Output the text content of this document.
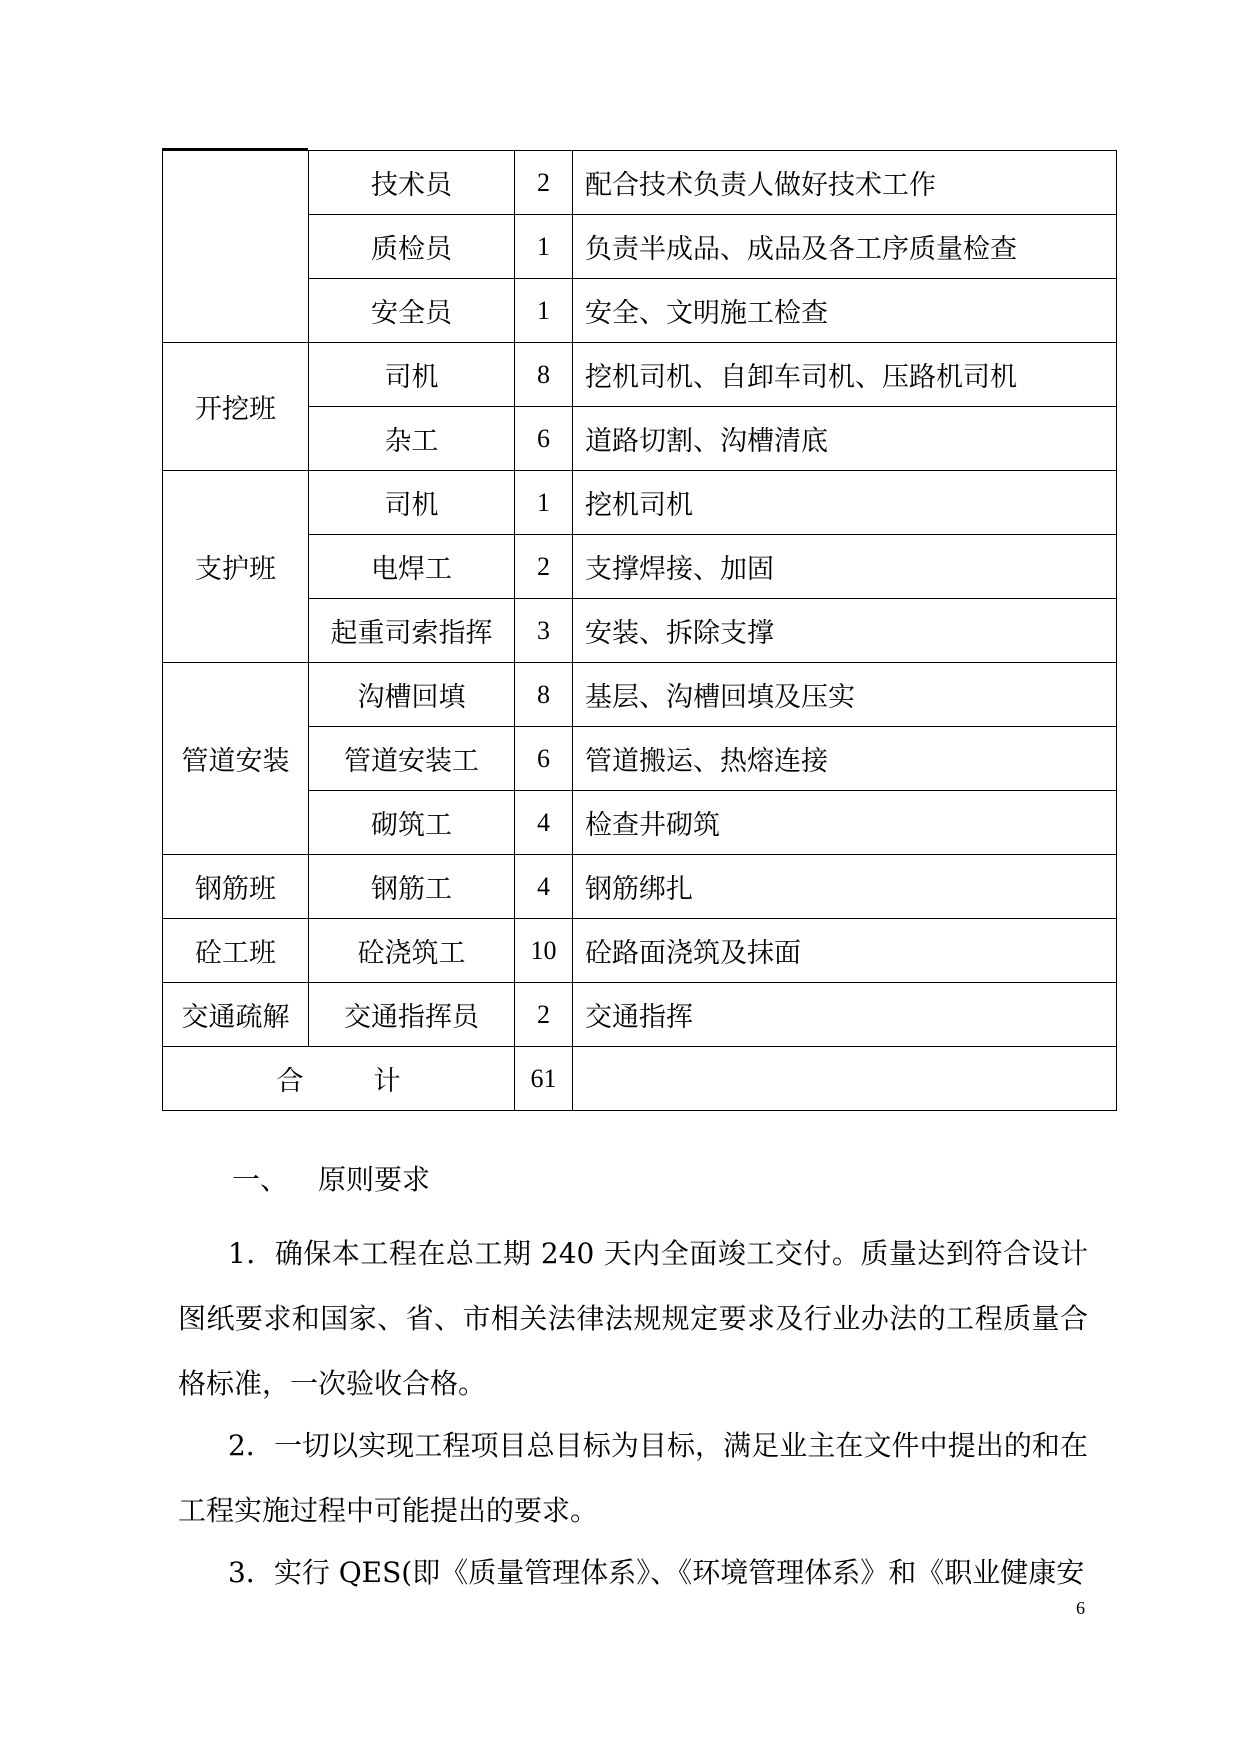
	技术员	2	配合技术负责人做好技术工作
	质检员	1	负责半成品、成品及各工序质量检查
	安全员	1	安全、文明施工检查
开挖班	司机	8	挖机司机、自卸车司机、压路机司机
	杂工	6	道路切割、沟槽清底
支护班	司机	1	挖机司机
	电焊工	2	支撑焊接、加固
	起重司索指挥	3	安装、拆除支撑
管道安装	沟槽回填	8	基层、沟槽回填及压实
	管道安装工	6	管道搬运、热熔连接
	砌筑工	4	检查井砌筑
钢筋班	钢筋工	4	钢筋绑扎
砼工班	砼浇筑工	10	砼路面浇筑及抹面
交通疏解	交通指挥员	2	交通指挥
合 计		61	
一、 原则要求

1．确保本工程在总工期 240 天内全面竣工交付。质量达到符合设计图纸要求和国家、省、市相关法律法规规定要求及行业办法的工程质量合格标准，一次验收合格。

2．一切以实现工程项目总目标为目标，满足业主在文件中提出的和在工程实施过程中可能提出的要求。

3．实行 QES(即《质量管理体系》、《环境管理体系》和《职业健康安

6
